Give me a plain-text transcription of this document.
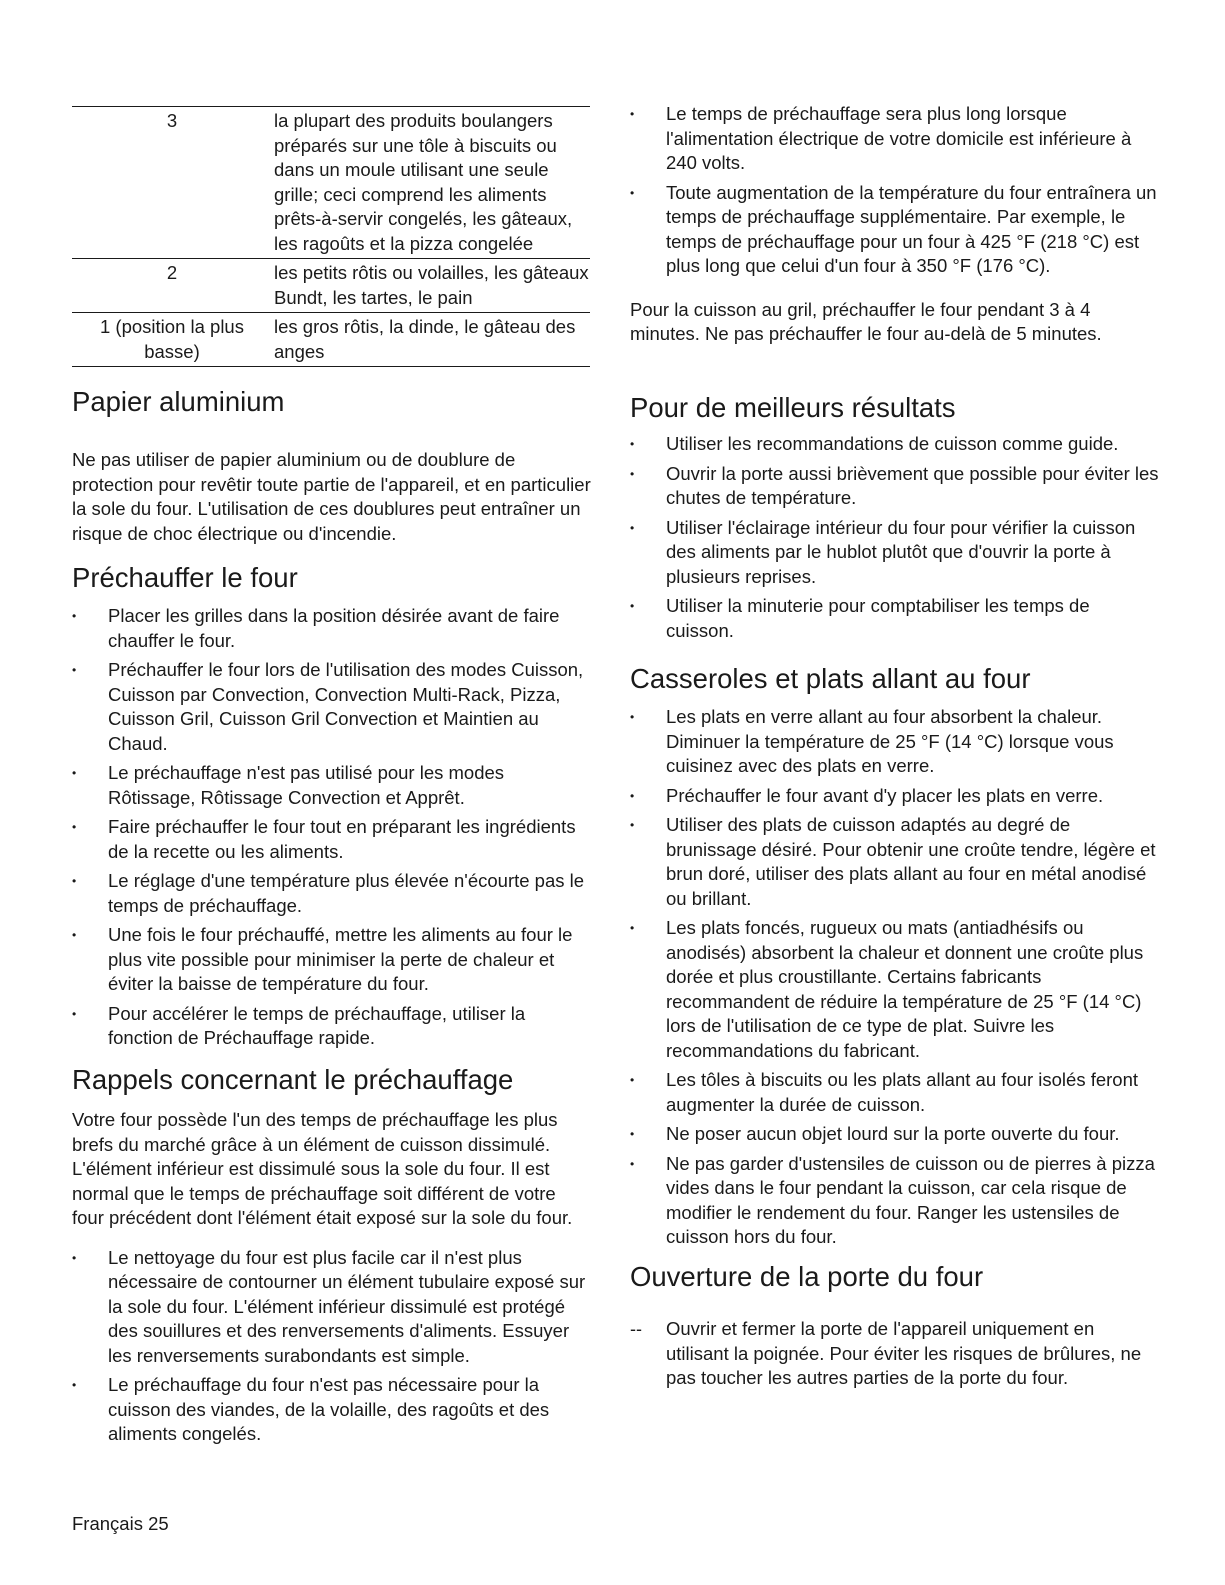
3	la plupart des produits boulangers préparés sur une tôle à biscuits ou dans un moule utilisant une seule grille; ceci comprend les aliments prêts-à-servir congelés, les gâteaux, les ragoûts et la pizza congelée
2	les petits rôtis ou volailles, les gâteaux Bundt, les tartes, le pain
1 (position la plus basse)	les gros rôtis, la dinde, le gâteau des anges
Papier aluminium

Ne pas utiliser de papier aluminium ou de doublure de protection pour revêtir toute partie de l'appareil, et en particulier la sole du four. L'utilisation de ces doublures peut entraîner un risque de choc électrique ou d'incendie.

Préchauffer le four
• Placer les grilles dans la position désirée avant de faire chauffer le four.
• Préchauffer le four lors de l'utilisation des modes Cuisson, Cuisson par Convection, Convection Multi-Rack, Pizza, Cuisson Gril, Cuisson Gril Convection et Maintien au Chaud.
• Le préchauffage n'est pas utilisé pour les modes Rôtissage, Rôtissage Convection et Apprêt.
• Faire préchauffer le four tout en préparant les ingrédients de la recette ou les aliments.
• Le réglage d'une température plus élevée n'écourte pas le temps de préchauffage.
• Une fois le four préchauffé, mettre les aliments au four le plus vite possible pour minimiser la perte de chaleur et éviter la baisse de température du four.
• Pour accélérer le temps de préchauffage, utiliser la fonction de Préchauffage rapide.
Rappels concernant le préchauffage

Votre four possède l'un des temps de préchauffage les plus brefs du marché grâce à un élément de cuisson dissimulé. L'élément inférieur est dissimulé sous la sole du four. Il est normal que le temps de préchauffage soit différent de votre four précédent dont l'élément était exposé sur la sole du four.

• Le nettoyage du four est plus facile car il n'est plus nécessaire de contourner un élément tubulaire exposé sur la sole du four. L'élément inférieur dissimulé est protégé des souillures et des renversements d'aliments. Essuyer les renversements surabondants est simple.
• Le préchauffage du four n'est pas nécessaire pour la cuisson des viandes, de la volaille, des ragoûts et des aliments congelés.
• Le temps de préchauffage sera plus long lorsque l'alimentation électrique de votre domicile est inférieure à 240 volts.
• Toute augmentation de la température du four entraînera un temps de préchauffage supplémentaire. Par exemple, le temps de préchauffage pour un four à 425 °F (218 °C) est plus long que celui d'un four à 350 °F (176 °C).

Pour la cuisson au gril, préchauffer le four pendant 3 à 4 minutes. Ne pas préchauffer le four au-delà de 5 minutes.

Pour de meilleurs résultats
• Utiliser les recommandations de cuisson comme guide.
• Ouvrir la porte aussi brièvement que possible pour éviter les chutes de température.
• Utiliser l'éclairage intérieur du four pour vérifier la cuisson des aliments par le hublot plutôt que d'ouvrir la porte à plusieurs reprises.
• Utiliser la minuterie pour comptabiliser les temps de cuisson.
Casseroles et plats allant au four
• Les plats en verre allant au four absorbent la chaleur. Diminuer la température de 25 °F (14 °C) lorsque vous cuisinez avec des plats en verre.
• Préchauffer le four avant d'y placer les plats en verre.
• Utiliser des plats de cuisson adaptés au degré de brunissage désiré. Pour obtenir une croûte tendre, légère et brun doré, utiliser des plats allant au four en métal anodisé ou brillant.
• Les plats foncés, rugueux ou mats (antiadhésifs ou anodisés) absorbent la chaleur et donnent une croûte plus dorée et plus croustillante. Certains fabricants recommandent de réduire la température de 25 °F (14 °C) lors de l'utilisation de ce type de plat. Suivre les recommandations du fabricant.
• Les tôles à biscuits ou les plats allant au four isolés feront augmenter la durée de cuisson.
• Ne poser aucun objet lourd sur la porte ouverte du four.
• Ne pas garder d'ustensiles de cuisson ou de pierres à pizza vides dans le four pendant la cuisson, car cela risque de modifier le rendement du four. Ranger les ustensiles de cuisson hors du four.
Ouverture de la porte du four
-- Ouvrir et fermer la porte de l'appareil uniquement en utilisant la poignée. Pour éviter les risques de brûlures, ne pas toucher les autres parties de la porte du four.
Français 25
